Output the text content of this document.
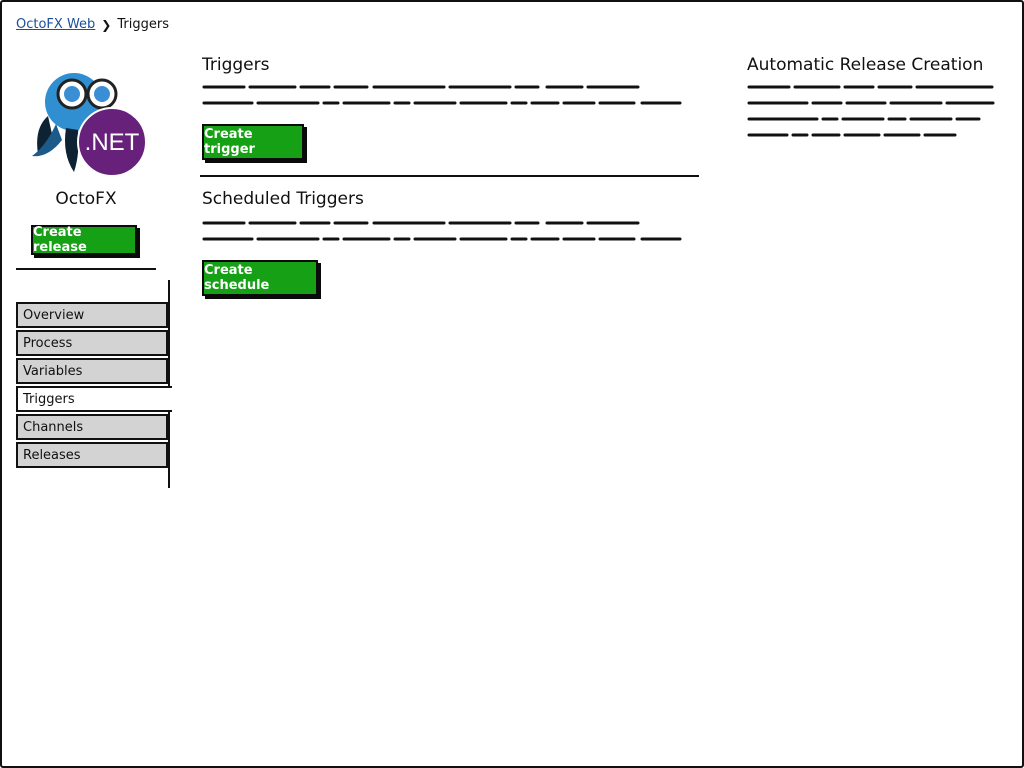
OctoFX Web ❯ Triggers
.NET
OctoFX
Create release
Overview
Process
Variables
Triggers
Channels
Releases
Triggers
Create trigger
Scheduled Triggers
Create schedule
Automatic Release Creation
